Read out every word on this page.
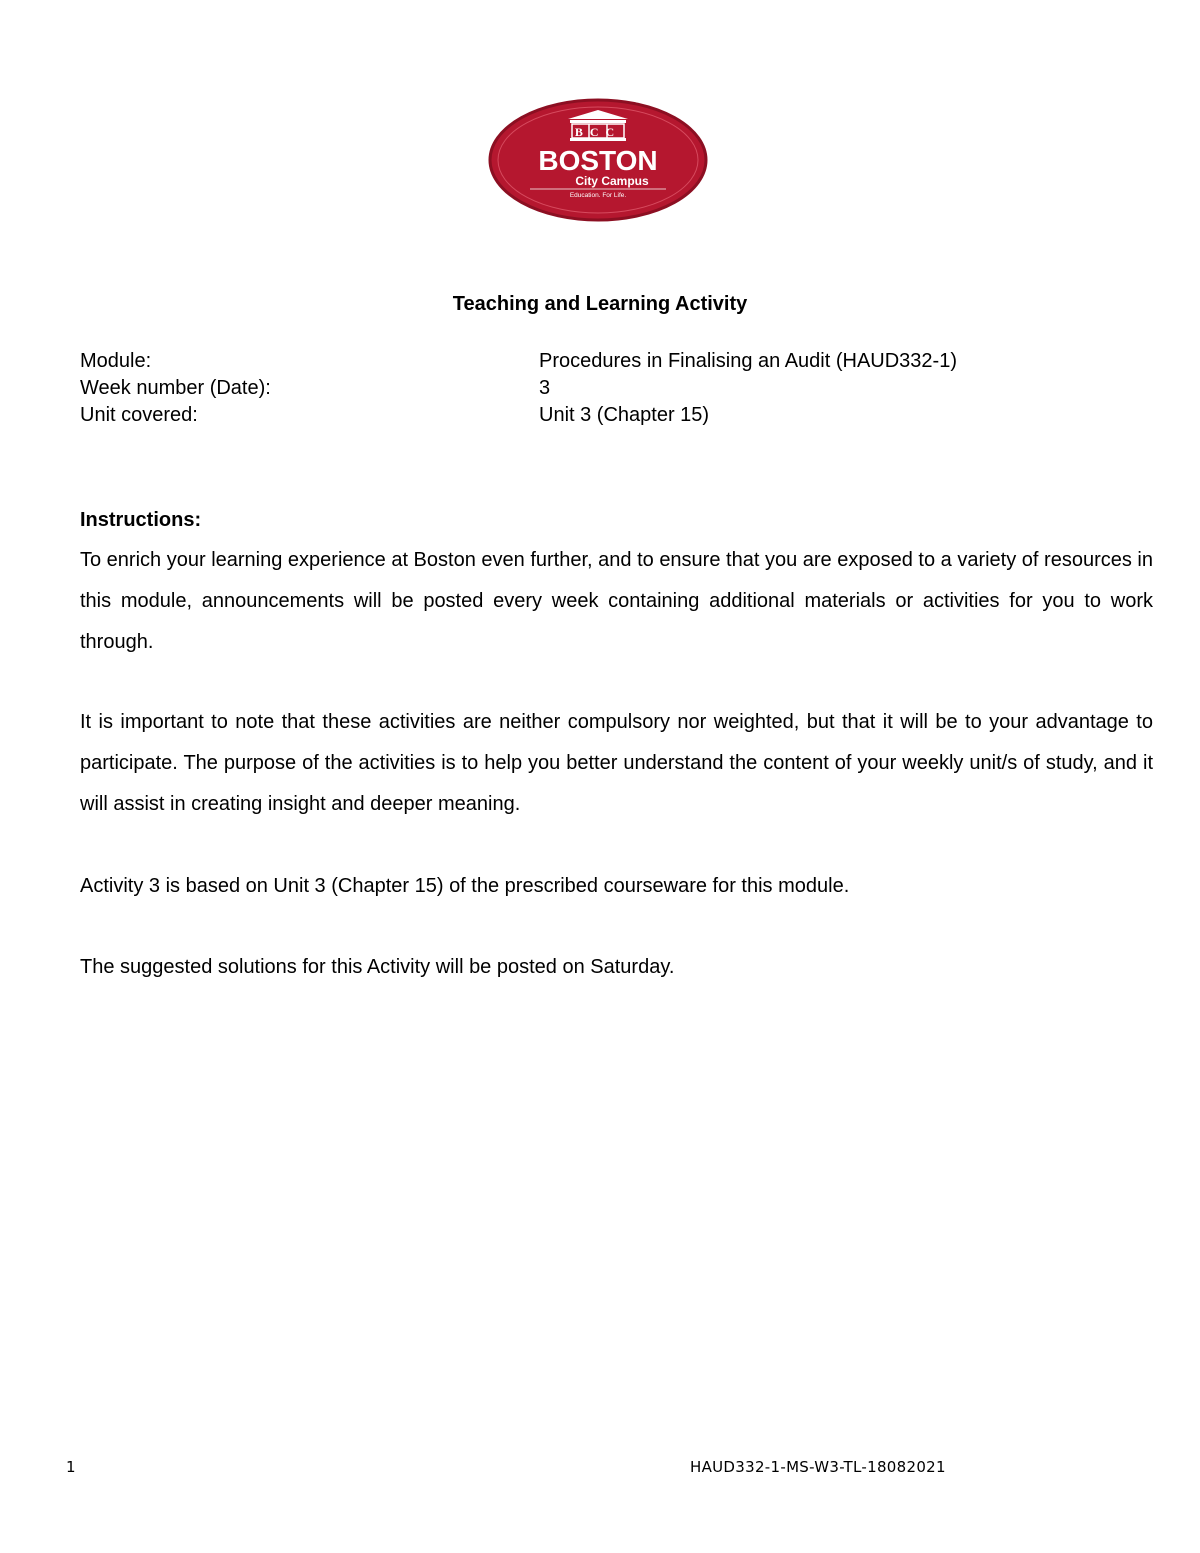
BCC
BOSTON
City Campus
Education. For Life.
Teaching and Learning Activity
Module:	Procedures in Finalising an Audit (HAUD332-1)
Week number (Date):	3
Unit covered:	Unit 3 (Chapter 15)
Instructions:

To enrich your learning experience at Boston even further, and to ensure that you are exposed to a variety of resources in this module, announcements will be posted every week containing additional materials or activities for you to work through.

It is important to note that these activities are neither compulsory nor weighted, but that it will be to your advantage to participate. The purpose of the activities is to help you better understand the content of your weekly unit/s of study, and it will assist in creating insight and deeper meaning.

Activity 3 is based on Unit 3 (Chapter 15) of the prescribed courseware for this module.

The suggested solutions for this Activity will be posted on Saturday.

1	HAUD332-1-MS-W3-TL-18082021
